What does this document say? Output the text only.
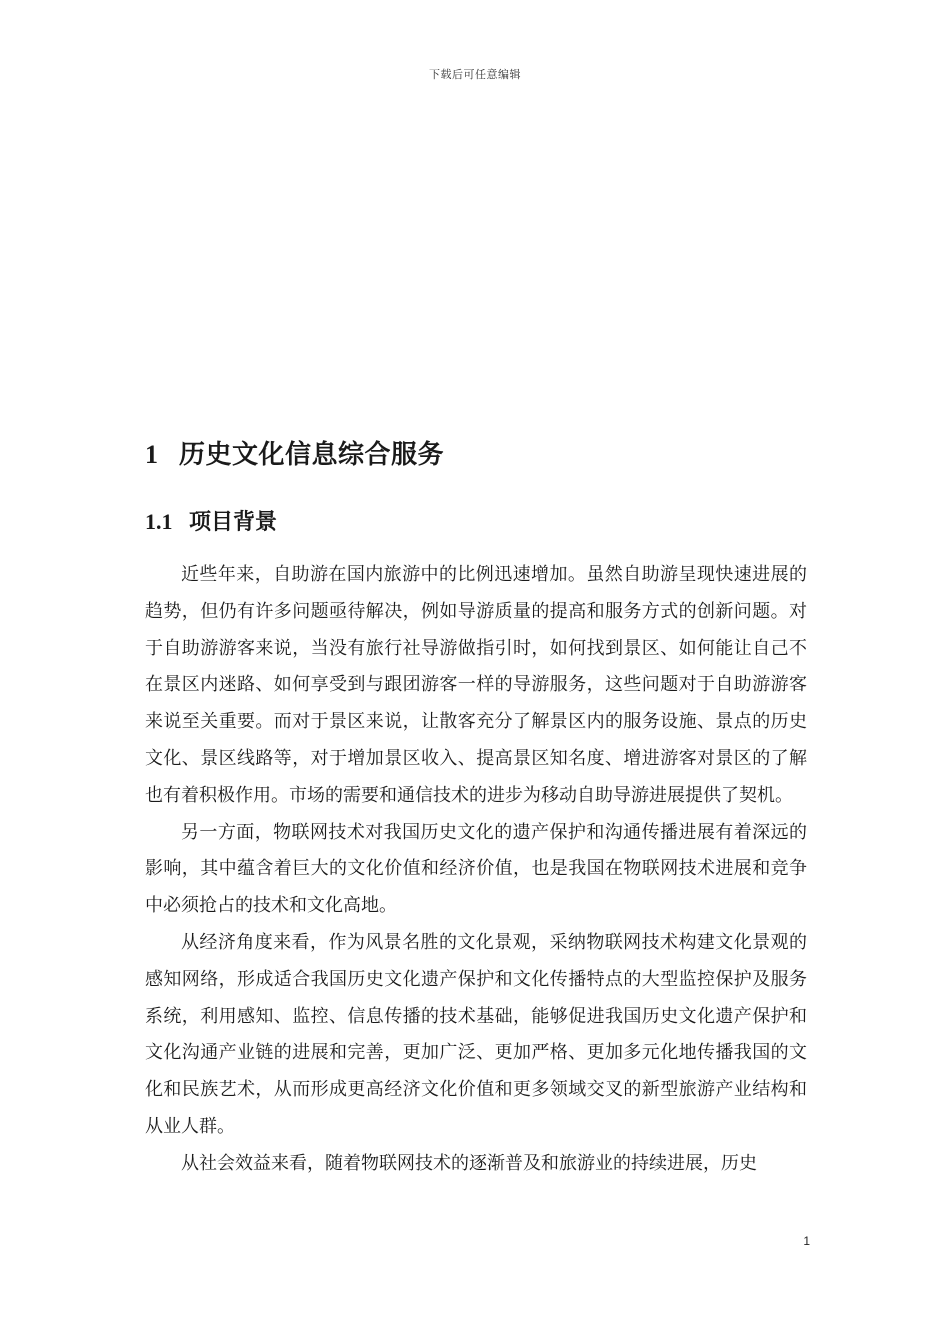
下载后可任意编辑
1 历史文化信息综合服务
1.1 项目背景

近些年来，自助游在国内旅游中的比例迅速增加。虽然自助游呈现快速进展的趋势，但仍有许多问题亟待解决，例如导游质量的提高和服务方式的创新问题。对于自助游游客来说，当没有旅行社导游做指引时，如何找到景区、如何能让自己不在景区内迷路、如何享受到与跟团游客一样的导游服务，这些问题对于自助游游客来说至关重要。而对于景区来说，让散客充分了解景区内的服务设施、景点的历史文化、景区线路等，对于增加景区收入、提高景区知名度、增进游客对景区的了解也有着积极作用。市场的需要和通信技术的进步为移动自助导游进展提供了契机。

另一方面，物联网技术对我国历史文化的遗产保护和沟通传播进展有着深远的影响，其中蕴含着巨大的文化价值和经济价值，也是我国在物联网技术进展和竞争中必须抢占的技术和文化高地。

从经济角度来看，作为风景名胜的文化景观，采纳物联网技术构建文化景观的感知网络，形成适合我国历史文化遗产保护和文化传播特点的大型监控保护及服务系统，利用感知、监控、信息传播的技术基础，能够促进我国历史文化遗产保护和文化沟通产业链的进展和完善，更加广泛、更加严格、更加多元化地传播我国的文化和民族艺术，从而形成更高经济文化价值和更多领域交叉的新型旅游产业结构和从业人群。

从社会效益来看，随着物联网技术的逐渐普及和旅游业的持续进展，历史

1
